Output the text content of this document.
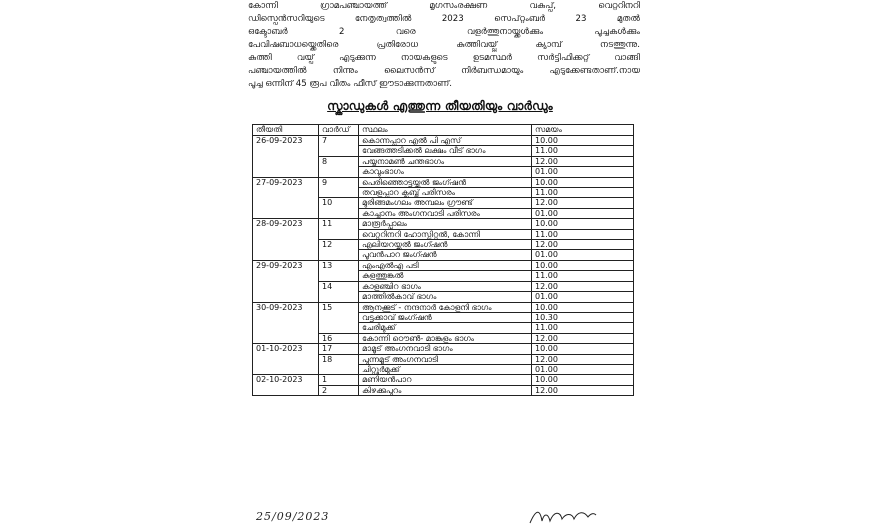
കോന്നി ഗ്രാമപഞ്ചായത്ത് മൃഗസംരക്ഷണ വകുപ്പ്, വെറ്ററിനറി
ഡിസ്പെൻസറിയുടെ നേതൃത്വത്തിൽ 2023 സെപ്റ്റംബർ 23 മുതൽ
ഒക്ടോബർ 2 വരെ വളർത്തുനായ്ക്കൾക്കും പൂച്ചകൾക്കും
പേവിഷബാധയ്ക്കെതിരെ പ്രതിരോധ കുത്തിവയ്പ്പ് ക്യാമ്പ് നടത്തുന്നു.
കുത്തി വയ്പ് എടുക്കുന്ന നായകളുടെ ഉടമസ്ഥർ സർട്ടിഫിക്കറ്റ് വാങ്ങി
പഞ്ചായത്തിൽ നിന്നും ലൈസൻസ് നിർബന്ധമായും എടുക്കേണ്ടതാണ്.നായ
പൂച്ച ഒന്നിന് 45 രൂപ വീതം ഫീസ് ഈടാക്കുന്നതാണ്.
സ്കാഡുകൾ എത്തുന്ന തീയതിയും വാർഡും
തീയതി	വാർഡ്	സ്ഥലം	സമയം
26-09-2023	7	കൊന്നപ്പാറ എൽ പി എസ്	10.00
		വേങ്ങത്തടിക്കൽ ലക്ഷം വീട് ഭാഗം	11.00
	8	പയ്യനാമൺ ചന്തഭാഗം	12.00
		കാവുംഭാഗം	01.00
27-09-2023	9	പെരിഞ്ഞൊട്ടയ്ക്കൽ ജംഗ്ഷൻ	10.00
		തവളപ്പാറ ക്ലബ്ബ് പരിസരം	11.00
	10	മുരിങ്ങമംഗലം അമ്പലം ഗ്രൗണ്ട്	12.00
		കാച്ചാനം അംഗനവാടി പരിസരം	01.00
28-09-2023	11	മാരൂർപ്പാലം	10.00
		വെറ്ററിനറി ഹോസ്പിറ്റൽ, കോന്നി	11.00
	12	എലിയറയ്ക്കൽ ജംഗ്ഷൻ	12.00
		പൂവൻപാറ ജംഗ്ഷൻ	01.00
29-09-2023	13	എംഎൽഎ പടി	10.00
		കുളത്തുങ്കൽ	11.00
	14	കാളഞ്ചിറ ഭാഗം	12.00
		മാത്തിൽകാവ് ഭാഗം	01.00
30-09-2023	15	ആനക്കൂട് - നന്ദനാർ കോളനി ഭാഗം	10.00
		വട്ടക്കാവ് ജംഗ്ഷൻ	10.30
		ചേരിമുക്ക്	11.00
	16	കോന്നി ഠൌൺ- മാങ്കുളം ഭാഗം	12.00
01-10-2023	17	മാമൂട് അംഗനവാടി ഭാഗം	10.00
	18	പുന്നമൂട് അംഗനവാടി	12.00
		ചിറ്റൂർമുക്ക്	01.00
02-10-2023	1	മണിയൻപാറ	10.00
	2	കിഴക്കുപുറം	12.00
25/09/2023
